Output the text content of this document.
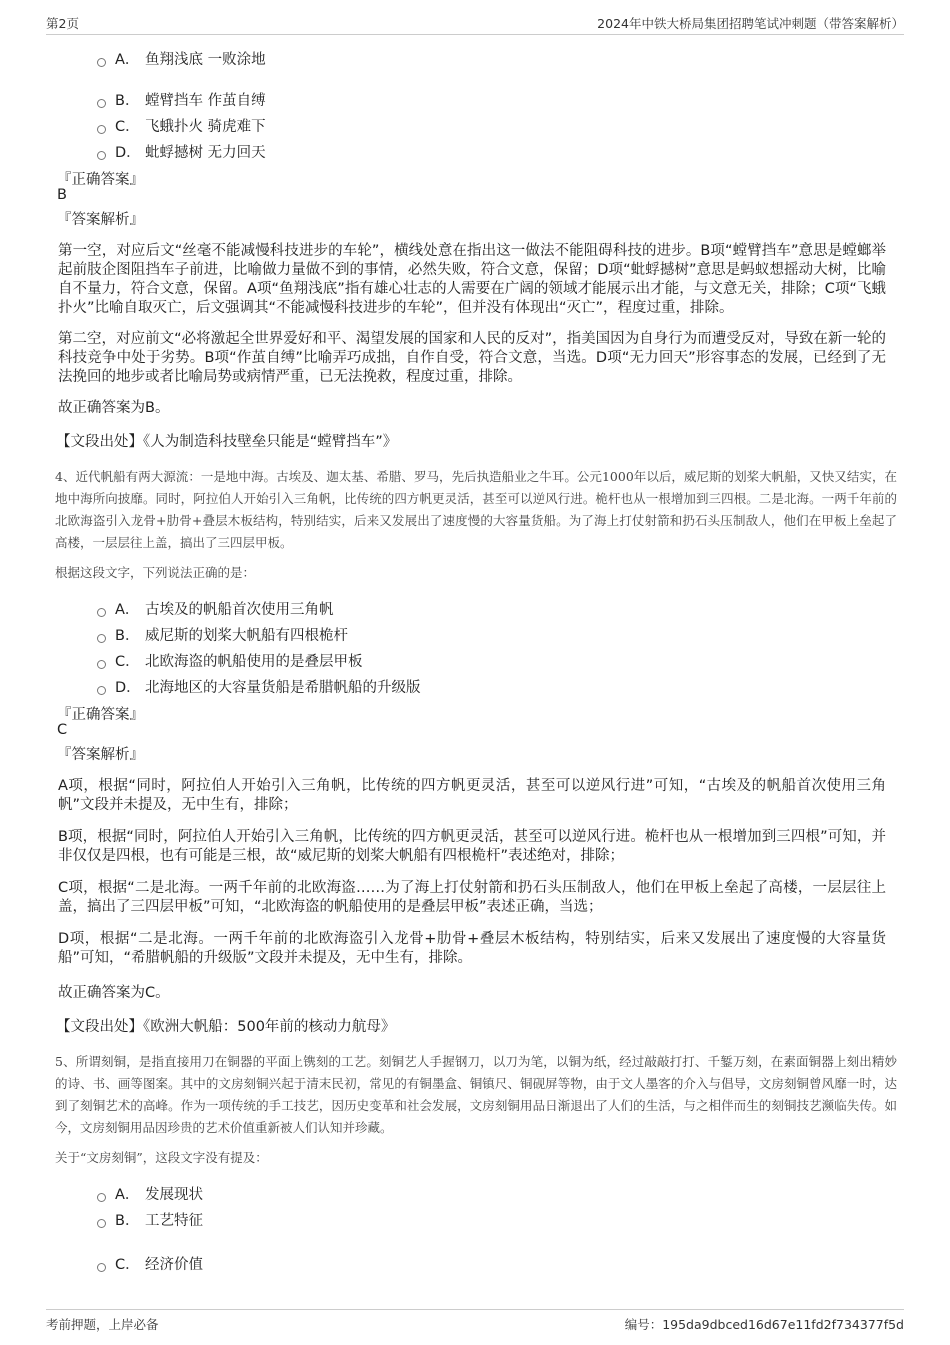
第2页	2024年中铁大桥局集团招聘笔试冲刺题（带答案解析）
A． 鱼翔浅底 一败涂地
B． 螳臂挡车 作茧自缚
C． 飞蛾扑火 骑虎难下
D． 蚍蜉撼树 无力回天
『正确答案』
B
『答案解析』
第一空，对应后文“丝毫不能减慢科技进步的车轮”，横线处意在指出这一做法不能阻碍科技的进步。B项“螳臂挡车”意思是螳螂举起前肢企图阻挡车子前进，比喻做力量做不到的事情，必然失败，符合文意，保留；D项“蚍蜉撼树”意思是蚂蚁想摇动大树，比喻自不量力，符合文意，保留。A项“鱼翔浅底”指有雄心壮志的人需要在广阔的领域才能展示出才能，与文意无关，排除；C项“飞蛾扑火”比喻自取灭亡，后文强调其“不能减慢科技进步的车轮”，但并没有体现出“灭亡”，程度过重，排除。
第二空，对应前文“必将激起全世界爱好和平、渴望发展的国家和人民的反对”，指美国因为自身行为而遭受反对，导致在新一轮的科技竞争中处于劣势。B项“作茧自缚”比喻弄巧成拙，自作自受，符合文意，当选。D项“无力回天”形容事态的发展，已经到了无法挽回的地步或者比喻局势或病情严重，已无法挽救，程度过重，排除。
故正确答案为B。
【文段出处】《人为制造科技壁垒只能是“螳臂挡车”》
4、近代帆船有两大源流：一是地中海。古埃及、迦太基、希腊、罗马，先后执造船业之牛耳。公元1000年以后，威尼斯的划桨大帆船，又快又结实，在地中海所向披靡。同时，阿拉伯人开始引入三角帆，比传统的四方帆更灵活，甚至可以逆风行进。桅杆也从一根增加到三四根。二是北海。一两千年前的北欧海盗引入龙骨+肋骨+叠层木板结构，特别结实，后来又发展出了速度慢的大容量货船。为了海上打仗射箭和扔石头压制敌人，他们在甲板上垒起了高楼，一层层往上盖，搞出了三四层甲板。
根据这段文字，下列说法正确的是：
A． 古埃及的帆船首次使用三角帆
B． 威尼斯的划桨大帆船有四根桅杆
C． 北欧海盗的帆船使用的是叠层甲板
D． 北海地区的大容量货船是希腊帆船的升级版
『正确答案』
C
『答案解析』
A项，根据“同时，阿拉伯人开始引入三角帆，比传统的四方帆更灵活，甚至可以逆风行进”可知，“古埃及的帆船首次使用三角帆”文段并未提及，无中生有，排除；
B项，根据“同时，阿拉伯人开始引入三角帆，比传统的四方帆更灵活，甚至可以逆风行进。桅杆也从一根增加到三四根”可知，并非仅仅是四根，也有可能是三根，故“威尼斯的划桨大帆船有四根桅杆”表述绝对，排除；
C项，根据“二是北海。一两千年前的北欧海盗……为了海上打仗射箭和扔石头压制敌人，他们在甲板上垒起了高楼，一层层往上盖，搞出了三四层甲板”可知，“北欧海盗的帆船使用的是叠层甲板”表述正确，当选；
D项，根据“二是北海。一两千年前的北欧海盗引入龙骨+肋骨+叠层木板结构，特别结实，后来又发展出了速度慢的大容量货船”可知，“希腊帆船的升级版”文段并未提及，无中生有，排除。
故正确答案为C。
【文段出处】《欧洲大帆船：500年前的核动力航母》
5、所谓刻铜，是指直接用刀在铜器的平面上镌刻的工艺。刻铜艺人手握钢刀，以刀为笔，以铜为纸，经过敲敲打打、千錾万刻，在素面铜器上刻出精妙的诗、书、画等图案。其中的文房刻铜兴起于清末民初，常见的有铜墨盒、铜镇尺、铜砚屏等物，由于文人墨客的介入与倡导，文房刻铜曾风靡一时，达到了刻铜艺术的高峰。作为一项传统的手工技艺，因历史变革和社会发展，文房刻铜用品日渐退出了人们的生活，与之相伴而生的刻铜技艺濒临失传。如今，文房刻铜用品因珍贵的艺术价值重新被人们认知并珍藏。
关于“文房刻铜”，这段文字没有提及：
A． 发展现状
B． 工艺特征
C． 经济价值
考前押题，上岸必备	编号：195da9dbced16d67e11fd2f734377f5d
